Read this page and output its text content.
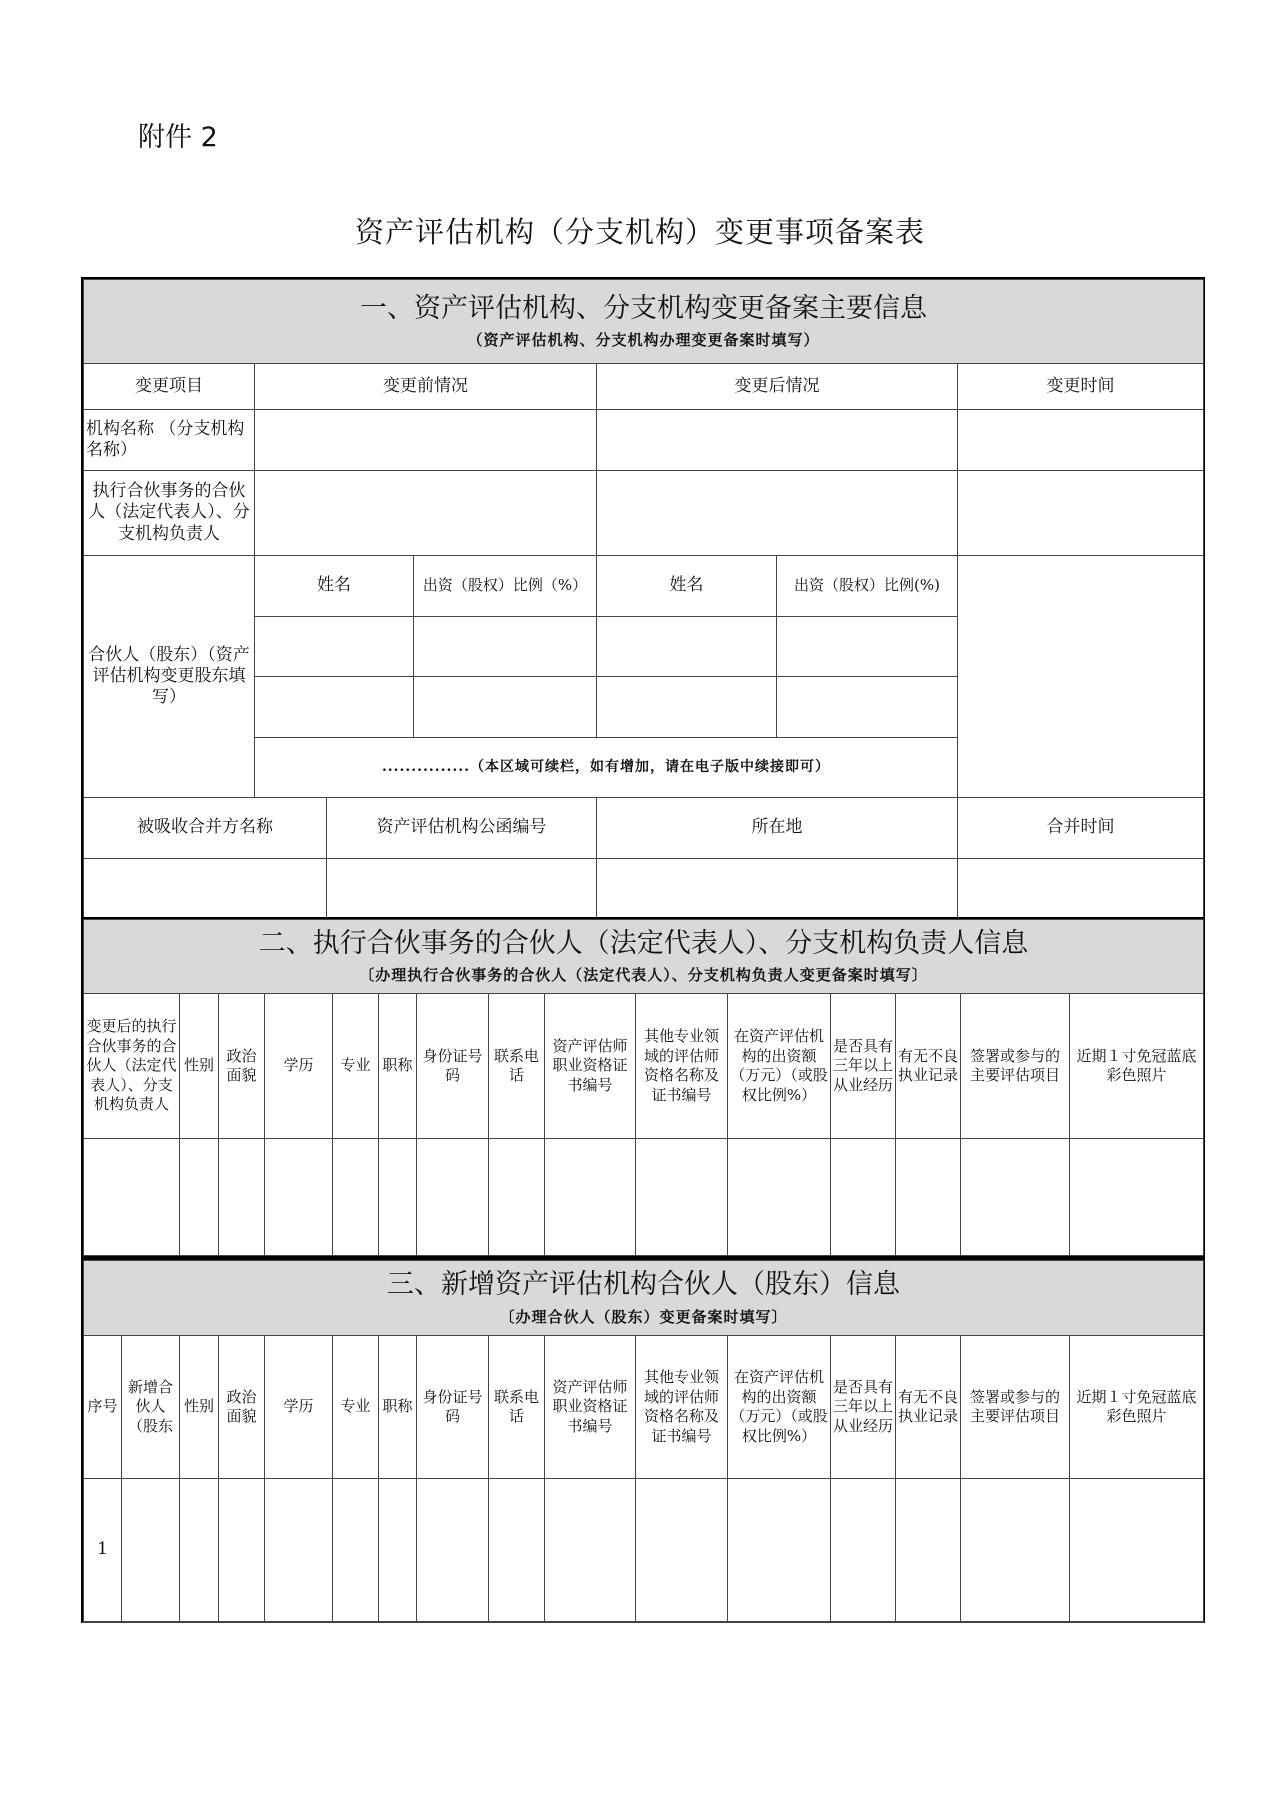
附件 2
资产评估机构（分支机构）变更事项备案表
一、资产评估机构、分支机构变更备案主要信息
（资产评估机构、分支机构办理变更备案时填写）						

变更项目	变更前情况			变更后情况		变更时间
机构名称 （分支机构名称）						
执行合伙事务的合伙人（法定代表人）、分支机构负责人						
合伙人（股东）（资产评估机构变更股东填写）	姓名		出资（股权）比例（%）	姓名	出资（股权）比例(%)	

	...............（本区域可续栏，如有增加，请在电子版中续接即可）					
被吸收合并方名称		资产评估机构公函编号		所在地		合并时间

二、执行合伙事务的合伙人（法定代表人）、分支机构负责人信息
〔办理执行合伙事务的合伙人（法定代表人）、分支机构负责人变更备案时填写〕														

变更后的执行合伙事务的合伙人（法定代表人）、分支机构负责人	性别	政治面貌	学历	专业	职称	身份证号码	联系电话	资产评估师职业资格证书编号	其他专业领域的评估师资格名称及证书编号	在资产评估机构的出资额（万元）（或股权比例%）	是否具有三年以上从业经历	有无不良执业记录	签署或参与的主要评估项目	近期１寸免冠蓝底彩色照片

三、新增资产评估机构合伙人（股东）信息
〔办理合伙人（股东）变更备案时填写〕															

序号	新增合伙人（股东	性别	政治面貌	学历	专业	职称	身份证号码	联系电话	资产评估师职业资格证书编号	其他专业领域的评估师资格名称及证书编号	在资产评估机构的出资额（万元）（或股权比例%）	是否具有三年以上从业经历	有无不良执业记录	签署或参与的主要评估项目	近期１寸免冠蓝底彩色照片
1															
